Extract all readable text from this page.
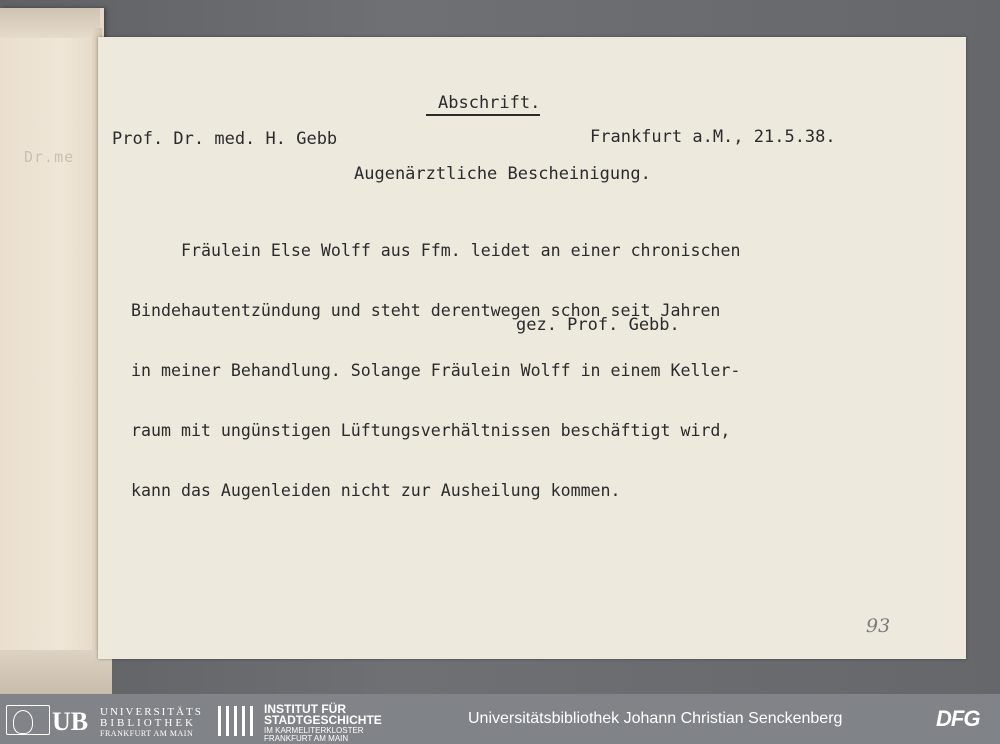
Dr.me
Abschrift.
Prof. Dr. med. H. Gebb	Frankfurt a.M., 21.5.38.
Augenärztliche Bescheinigung.

Fräulein Else Wolff aus Ffm. leidet an einer chronischen

Bindehautentzündung und steht derentwegen schon seit Jahren

in meiner Behandlung. Solange Fräulein Wolff in einem Keller-

raum mit ungünstigen Lüftungsverhältnissen beschäftigt wird,

kann das Augenleiden nicht zur Ausheilung kommen.

gez. Prof. Gebb.
93
UB UNIVERSITÄTS
BIBLIOTHEK
FRANKFURT AM MAIN
INSTITUT FÜR
STADTGESCHICHTE
IM KARMELITERKLOSTER
FRANKFURT AM MAIN
Universitätsbibliothek Johann Christian Senckenberg	DFG
